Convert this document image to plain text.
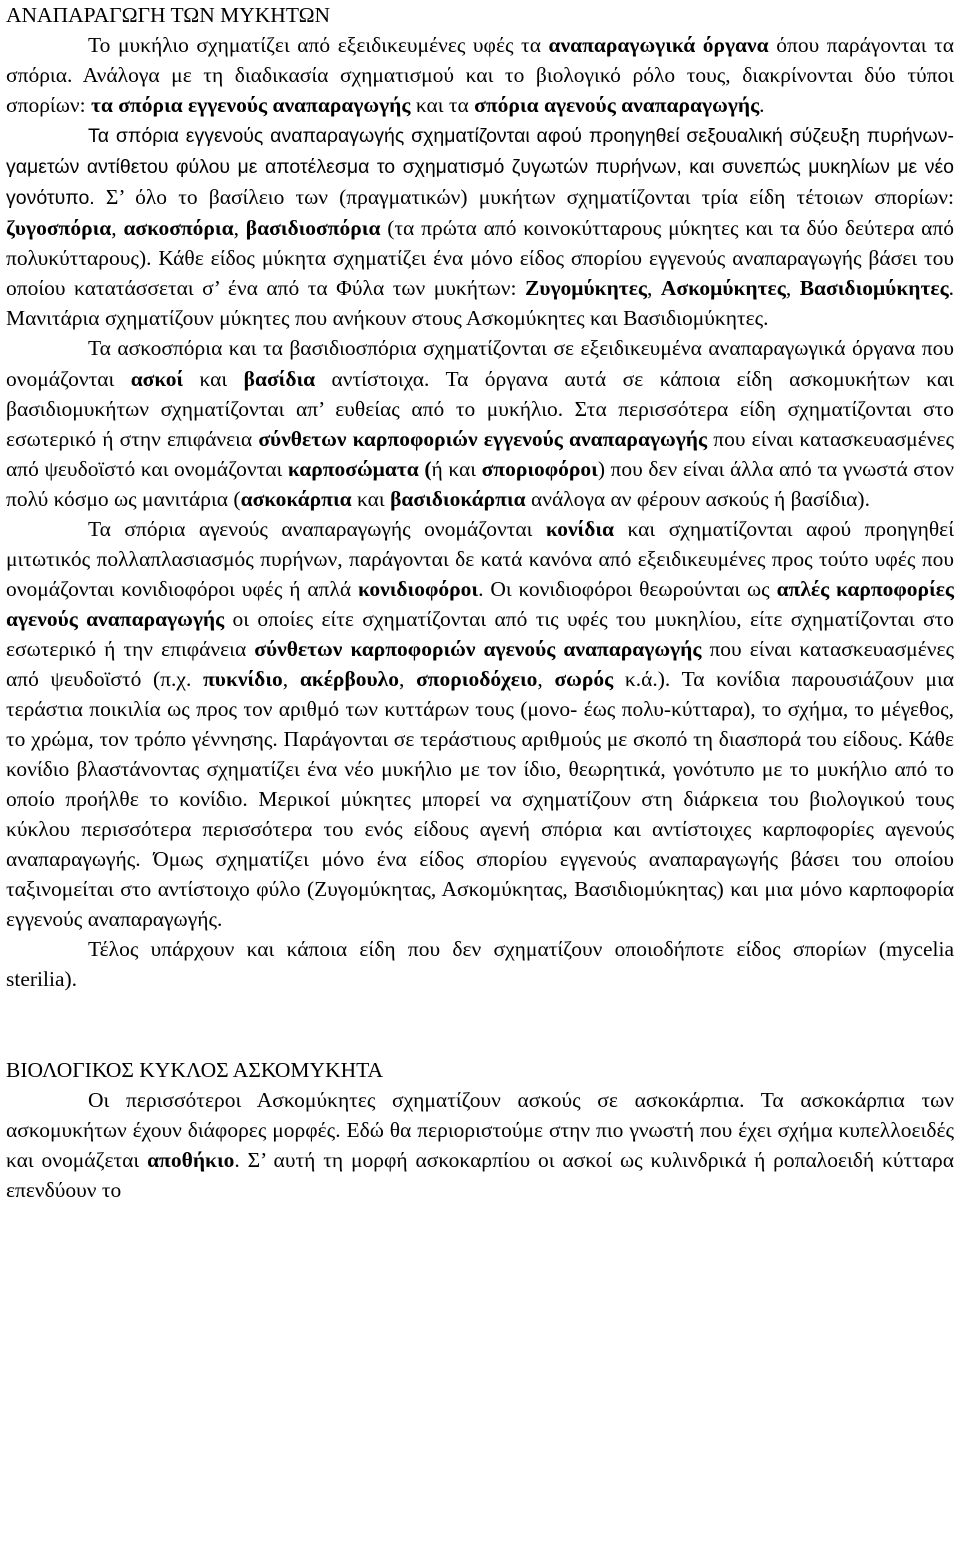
ΑΝΑΠΑΡΑΓΩΓΗ ΤΩΝ ΜΥΚΗΤΩΝ

Το μυκήλιο σχηματίζει από εξειδικευμένες υφές τα αναπαραγωγικά όργανα όπου παράγονται τα σπόρια. Ανάλογα με τη διαδικασία σχηματισμού και το βιολογικό ρόλο τους, διακρίνονται δύο τύποι σπορίων: τα σπόρια εγγενούς αναπαραγωγής και τα σπόρια αγενούς αναπαραγωγής.

Τα σπόρια εγγενούς αναπαραγωγής σχηματίζονται αφού προηγηθεί σεξουαλική σύζευξη πυρήνων-γαμετών αντίθετου φύλου με αποτέλεσμα το σχηματισμό ζυγωτών πυρήνων, και συνεπώς μυκηλίων με νέο γονότυπο. Σ’ όλο το βασίλειο των (πραγματικών) μυκήτων σχηματίζονται τρία είδη τέτοιων σπορίων: ζυγοσπόρια, ασκοσπόρια, βασιδιοσπόρια (τα πρώτα από κοινοκύτταρους μύκητες και τα δύο δεύτερα από πολυκύτταρους). Κάθε είδος μύκητα σχηματίζει ένα μόνο είδος σπορίου εγγενούς αναπαραγωγής βάσει του οποίου κατατάσσεται σ’ ένα από τα Φύλα των μυκήτων: Ζυγομύκητες, Ασκομύκητες, Βασιδιομύκητες. Μανιτάρια σχηματίζουν μύκητες που ανήκουν στους Ασκομύκητες και Βασιδιομύκητες.

Τα ασκοσπόρια και τα βασιδιοσπόρια σχηματίζονται σε εξειδικευμένα αναπαραγωγικά όργανα που ονομάζονται ασκοί και βασίδια αντίστοιχα. Τα όργανα αυτά σε κάποια είδη ασκομυκήτων και βασιδιομυκήτων σχηματίζονται απ’ ευθείας από το μυκήλιο. Στα περισσότερα είδη σχηματίζονται στο εσωτερικό ή στην επιφάνεια σύνθετων καρποφοριών εγγενούς αναπαραγωγής που είναι κατασκευασμένες από ψευδοϊστό και ονομάζονται καρποσώματα (ή και σποριοφόροι) που δεν είναι άλλα από τα γνωστά στον πολύ κόσμο ως μανιτάρια (ασκοκάρπια και βασιδιοκάρπια ανάλογα αν φέρουν ασκούς ή βασίδια).

Τα σπόρια αγενούς αναπαραγωγής ονομάζονται κονίδια και σχηματίζονται αφού προηγηθεί μιτωτικός πολλαπλασιασμός πυρήνων, παράγονται δε κατά κανόνα από εξειδικευμένες προς τούτο υφές που ονομάζονται κονιδιοφόροι υφές ή απλά κονιδιοφόροι. Οι κονιδιοφόροι θεωρούνται ως απλές καρποφορίες αγενούς αναπαραγωγής οι οποίες είτε σχηματίζονται από τις υφές του μυκηλίου, είτε σχηματίζονται στο εσωτερικό ή την επιφάνεια σύνθετων καρποφοριών αγενούς αναπαραγωγής που είναι κατασκευασμένες από ψευδοϊστό (π.χ. πυκνίδιο, ακέρβουλο, σποριοδόχειο, σωρός κ.ά.). Τα κονίδια παρουσιάζουν μια τεράστια ποικιλία ως προς τον αριθμό των κυττάρων τους (μονο- έως πολυ-κύτταρα), το σχήμα, το μέγεθος, το χρώμα, τον τρόπο γέννησης. Παράγονται σε τεράστιους αριθμούς με σκοπό τη διασπορά του είδους. Κάθε κονίδιο βλαστάνοντας σχηματίζει ένα νέο μυκήλιο με τον ίδιο, θεωρητικά, γονότυπο με το μυκήλιο από το οποίο προήλθε το κονίδιο. Μερικοί μύκητες μπορεί να σχηματίζουν στη διάρκεια του βιολογικού τους κύκλου περισσότερα περισσότερα του ενός είδους αγενή σπόρια και αντίστοιχες καρποφορίες αγενούς αναπαραγωγής. Όμως σχηματίζει μόνο ένα είδος σπορίου εγγενούς αναπαραγωγής βάσει του οποίου ταξινομείται στο αντίστοιχο φύλο (Ζυγομύκητας, Ασκομύκητας, Βασιδιομύκητας) και μια μόνο καρποφορία εγγενούς αναπαραγωγής.

Τέλος υπάρχουν και κάποια είδη που δεν σχηματίζουν οποιοδήποτε είδος σπορίων (mycelia sterilia).

ΒΙΟΛΟΓΙΚΟΣ ΚΥΚΛΟΣ ΑΣΚΟΜΥΚΗΤΑ

Οι περισσότεροι Ασκομύκητες σχηματίζουν ασκούς σε ασκοκάρπια. Τα ασκοκάρπια των ασκομυκήτων έχουν διάφορες μορφές. Εδώ θα περιοριστούμε στην πιο γνωστή που έχει σχήμα κυπελλοειδές και ονομάζεται αποθήκιο. Σ’ αυτή τη μορφή ασκοκαρπίου οι ασκοί ως κυλινδρικά ή ροπαλοειδή κύτταρα επενδύουν το
